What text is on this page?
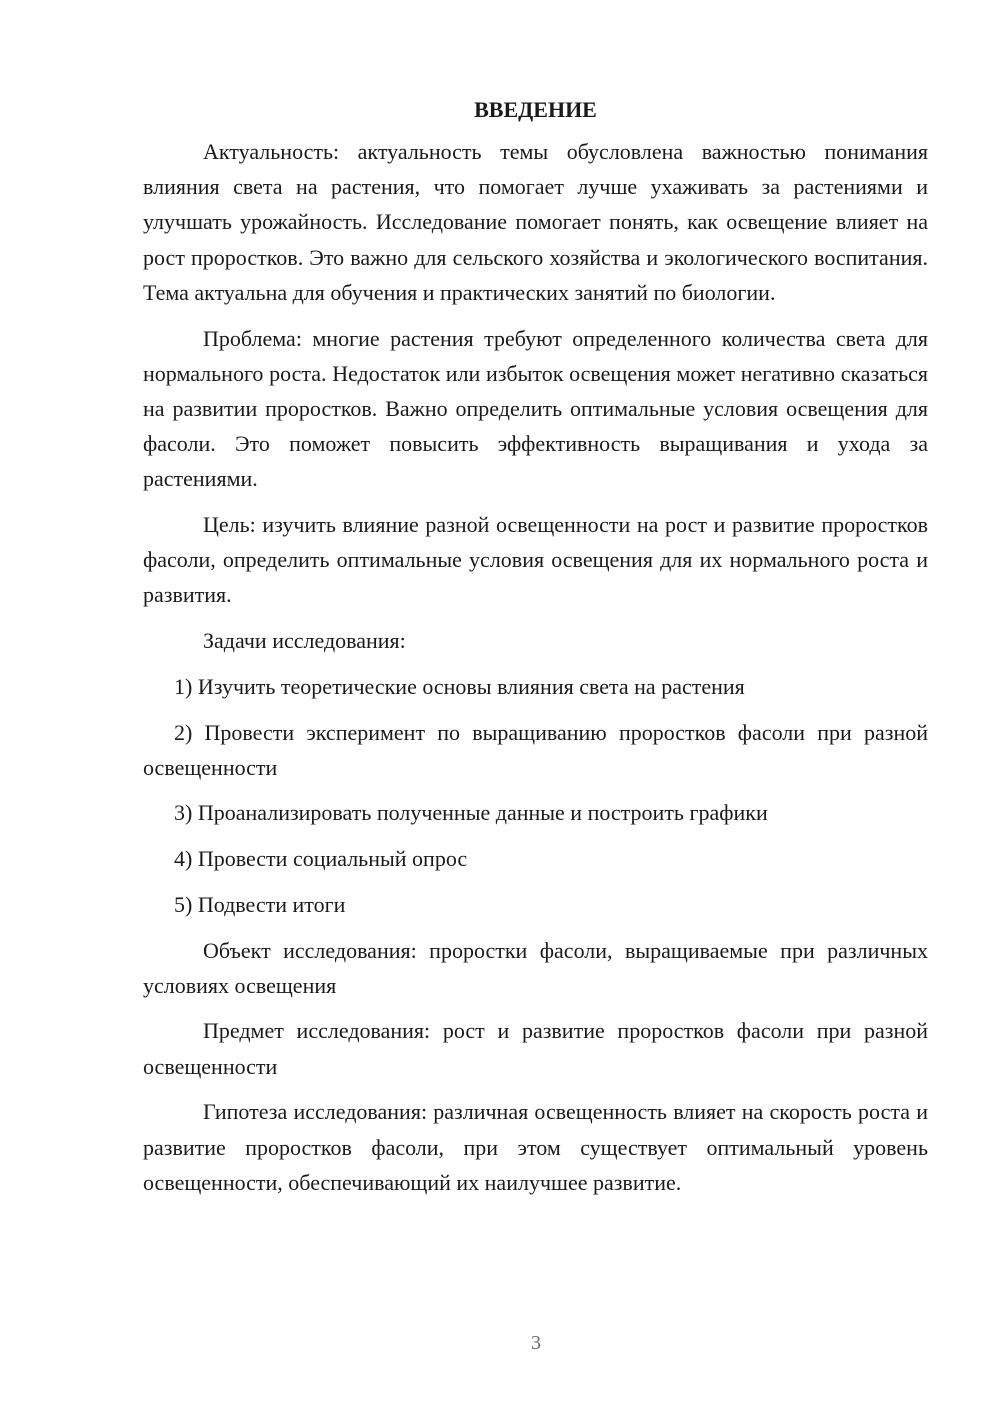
ВВЕДЕНИЕ

Актуальность: актуальность темы обусловлена важностью понимания влияния света на растения, что помогает лучше ухаживать за растениями и улучшать урожайность. Исследование помогает понять, как освещение влияет на рост проростков. Это важно для сельского хозяйства и экологического воспитания. Тема актуальна для обучения и практических занятий по биологии.

Проблема: многие растения требуют определенного количества света для нормального роста. Недостаток или избыток освещения может негативно сказаться на развитии проростков. Важно определить оптимальные условия освещения для фасоли. Это поможет повысить эффективность выращивания и ухода за растениями.

Цель: изучить влияние разной освещенности на рост и развитие проростков фасоли, определить оптимальные условия освещения для их нормального роста и развития.

Задачи исследования:

1) Изучить теоретические основы влияния света на растения

2) Провести эксперимент по выращиванию проростков фасоли при разной освещенности

3) Проанализировать полученные данные и построить графики

4) Провести социальный опрос

5) Подвести итоги

Объект исследования: проростки фасоли, выращиваемые при различных условиях освещения

Предмет исследования: рост и развитие проростков фасоли при разной освещенности

Гипотеза исследования: различная освещенность влияет на скорость роста и развитие проростков фасоли, при этом существует оптимальный уровень освещенности, обеспечивающий их наилучшее развитие.

3
